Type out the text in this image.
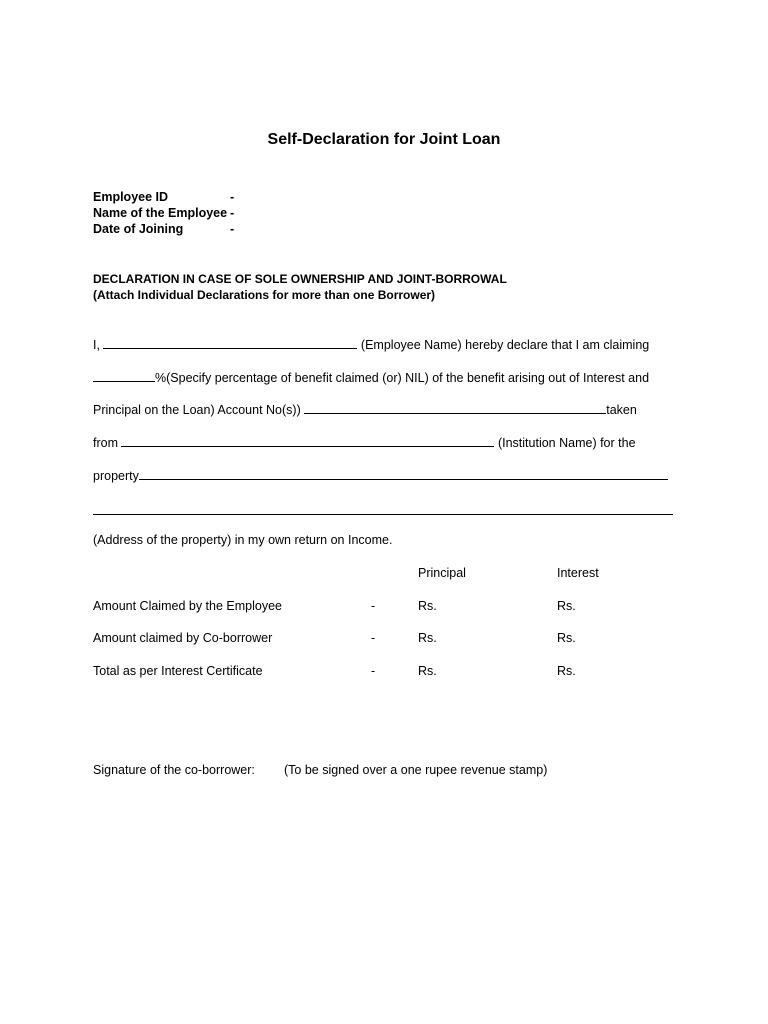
Self-Declaration for Joint Loan
Employee ID	-
Name of the Employee -
Date of Joining	-
DECLARATION IN CASE OF SOLE OWNERSHIP AND JOINT-BORROWAL
(Attach Individual Declarations for more than one Borrower)
I,	(Employee Name) hereby declare that I am claiming
%(Specify percentage of benefit claimed (or) NIL) of the benefit arising out of Interest and
Principal on the Loan) Account No(s))	taken
from	(Institution Name) for the
property
(Address of the property) in my own return on Income.
Principal	Interest
Amount Claimed by the Employee	-	Rs.	Rs.
Amount claimed by Co-borrower	-	Rs.	Rs.
Total as per Interest Certificate	-	Rs.	Rs.
Signature of the co-borrower: (To be signed over a one rupee revenue stamp)
